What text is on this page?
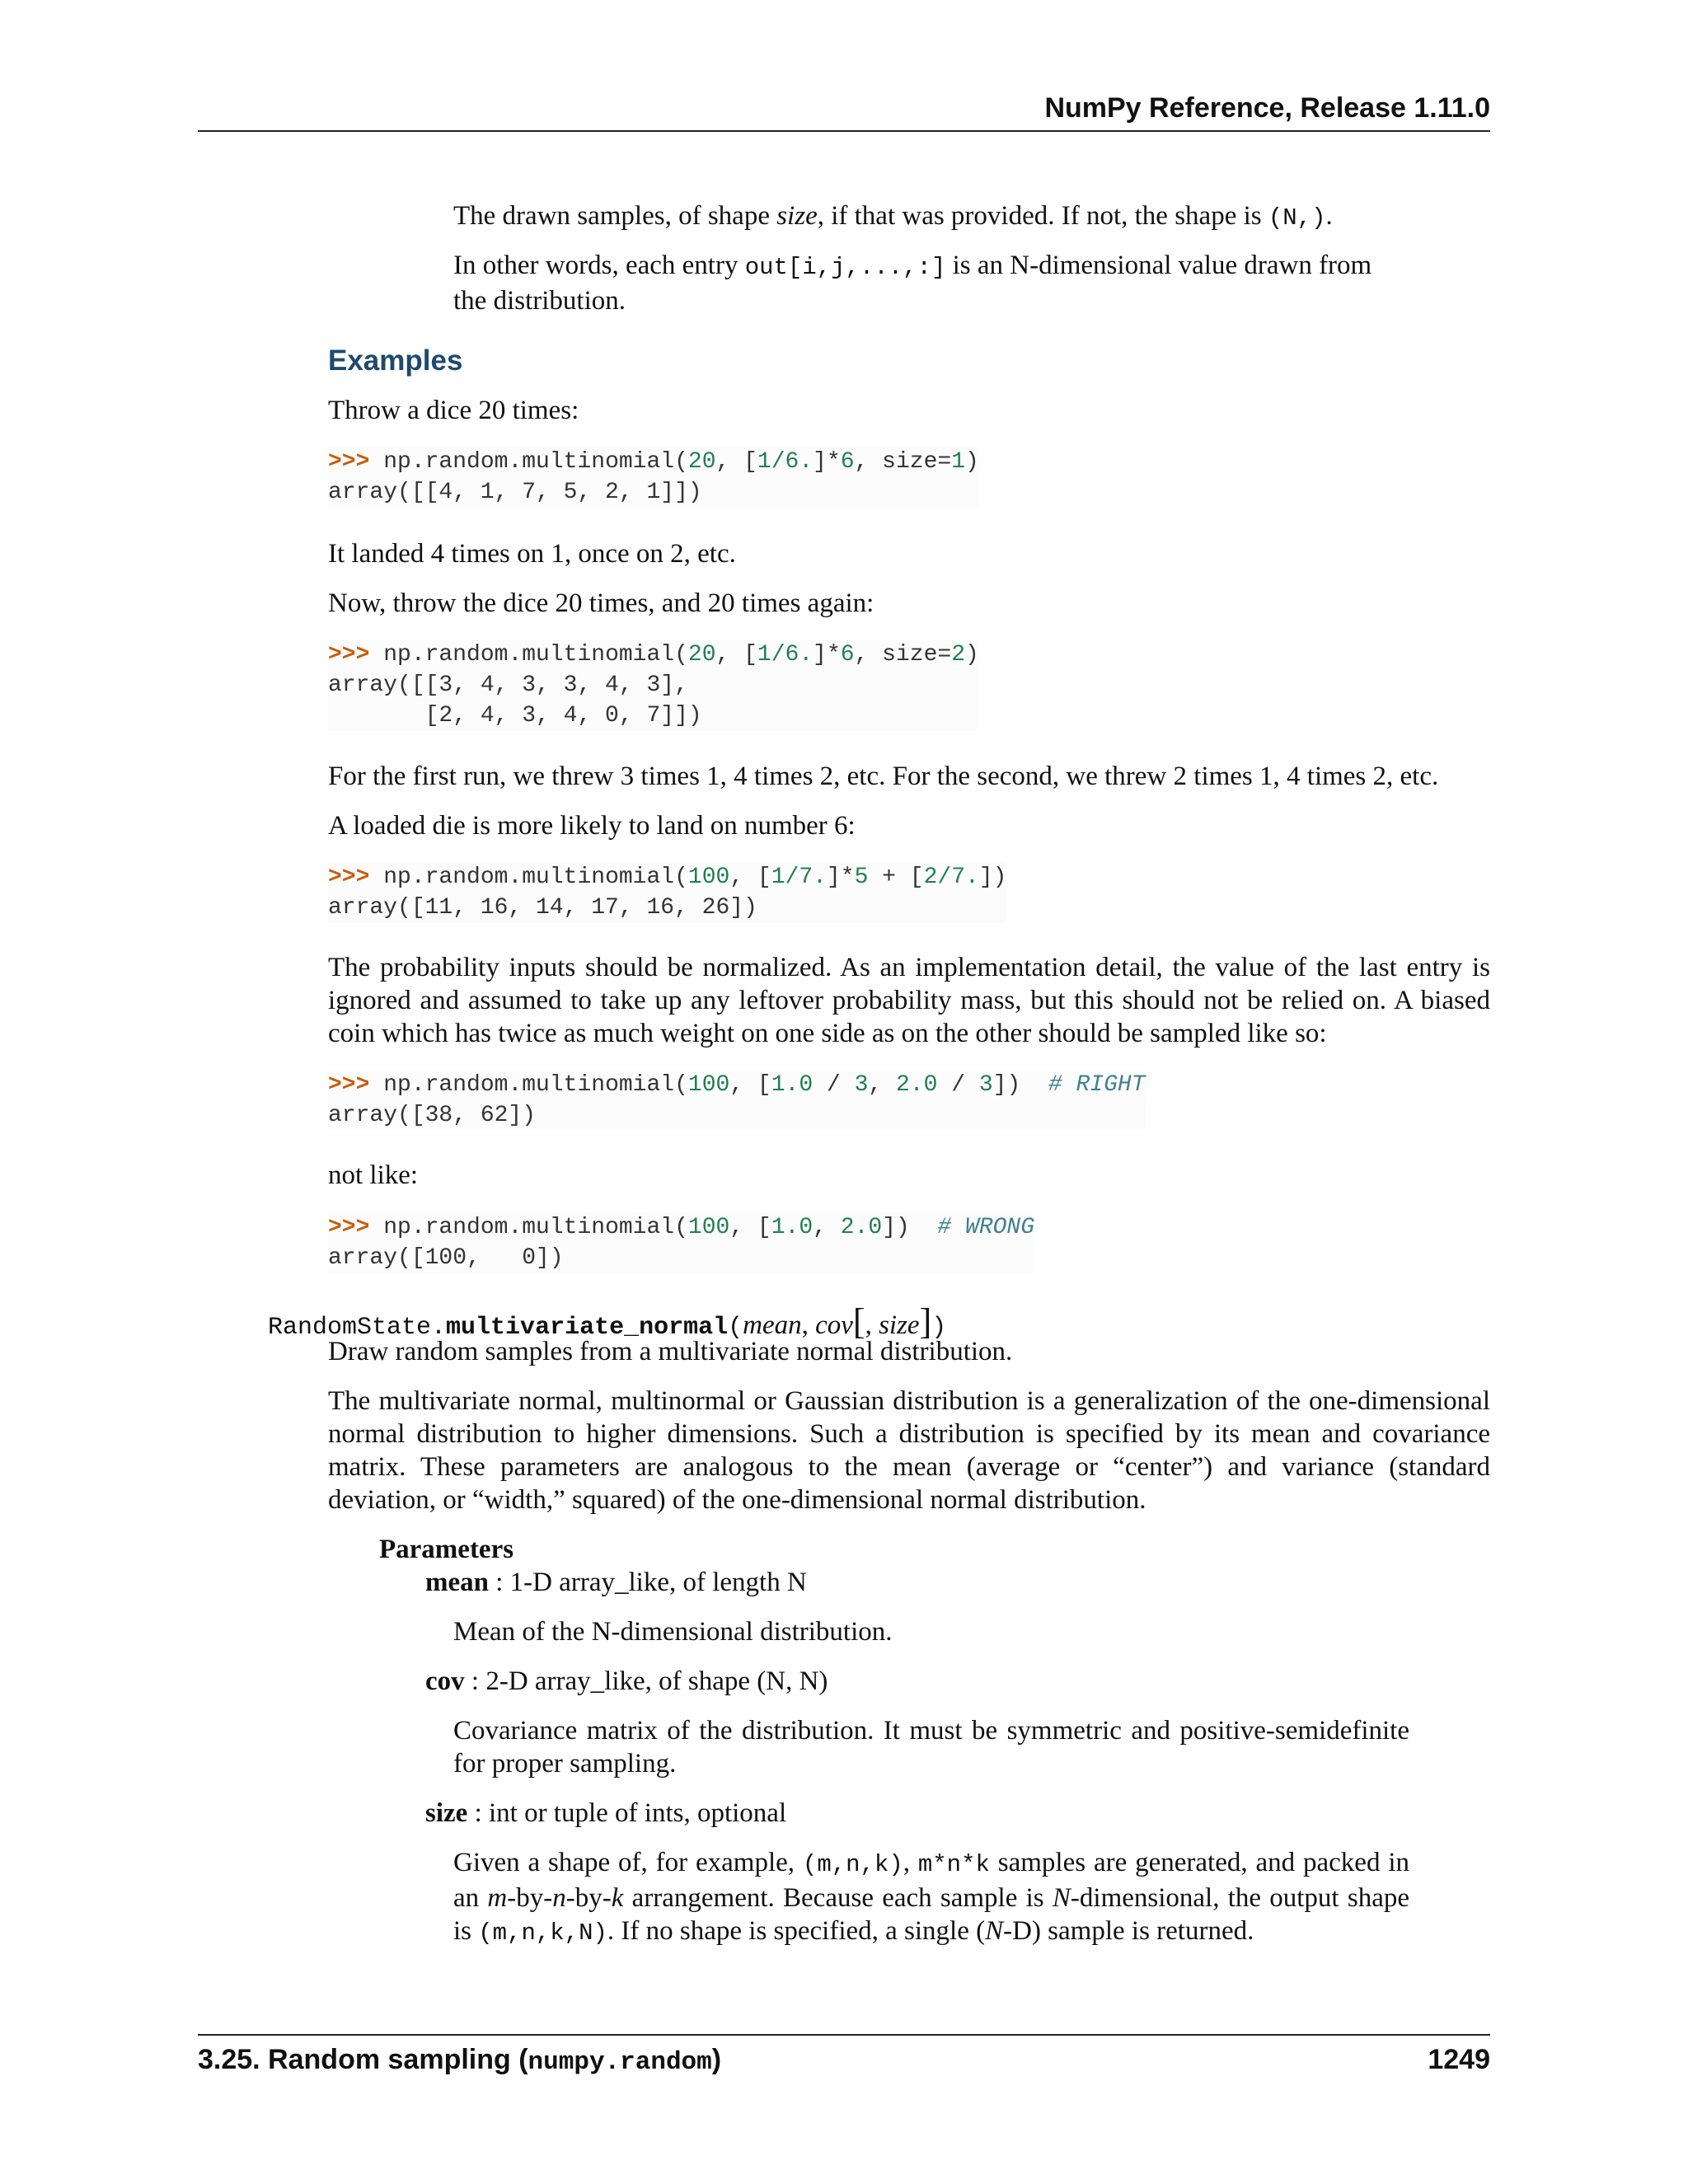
NumPy Reference, Release 1.11.0

The drawn samples, of shape size, if that was provided. If not, the shape is (N,).

In other words, each entry out[i,j,...,:] is an N-dimensional value drawn from the distribution.

Examples

Throw a dice 20 times:

>>> np.random.multinomial(20, [1/6.]*6, size=1)
array([[4, 1, 7, 5, 2, 1]])

It landed 4 times on 1, once on 2, etc.

Now, throw the dice 20 times, and 20 times again:

>>> np.random.multinomial(20, [1/6.]*6, size=2)
array([[3, 4, 3, 3, 4, 3],
[2, 4, 3, 4, 0, 7]])

For the first run, we threw 3 times 1, 4 times 2, etc. For the second, we threw 2 times 1, 4 times 2, etc.

A loaded die is more likely to land on number 6:

>>> np.random.multinomial(100, [1/7.]*5 + [2/7.])
array([11, 16, 14, 17, 16, 26])

The probability inputs should be normalized. As an implementation detail, the value of the last entry is ignored and assumed to take up any leftover probability mass, but this should not be relied on. A biased coin which has twice as much weight on one side as on the other should be sampled like so:

>>> np.random.multinomial(100, [1.0 / 3, 2.0 / 3])  # RIGHT
array([38, 62])

not like:

>>> np.random.multinomial(100, [1.0, 2.0])  # WRONG
array([100,   0])
RandomState.multivariate_normal(mean, cov[, size])

Draw random samples from a multivariate normal distribution.

The multivariate normal, multinormal or Gaussian distribution is a generalization of the one-dimensional normal distribution to higher dimensions. Such a distribution is specified by its mean and covariance matrix. These parameters are analogous to the mean (average or “center”) and variance (standard deviation, or “width,” squared) of the one-dimensional normal distribution.

Parameters

mean : 1-D array_like, of length N

Mean of the N-dimensional distribution.

cov : 2-D array_like, of shape (N, N)

Covariance matrix of the distribution. It must be symmetric and positive-semidefinite for proper sampling.

size : int or tuple of ints, optional

Given a shape of, for example, (m,n,k), m*n*k samples are generated, and packed in an m-by-n-by-k arrangement. Because each sample is N-dimensional, the output shape is (m,n,k,N). If no shape is specified, a single (N-D) sample is returned.

3.25. Random sampling (numpy.random)	1249
